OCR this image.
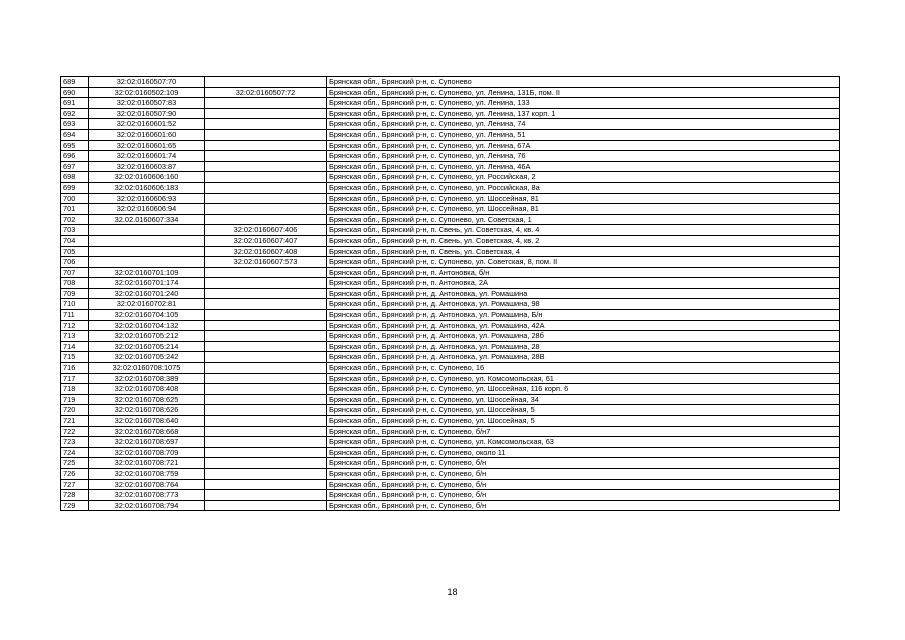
689	32:02:0160507:70		Брянская обл., Брянский р-н, с. Супонево
690	32:02:0160502:109	32:02:0160507:72	Брянская обл., Брянский р-н, с. Супонево, ул. Ленина, 131Б, пом. II
691	32:02:0160507:83		Брянская обл., Брянский р-н, с. Супонево, ул. Ленина, 133
692	32:02:0160507:90		Брянская обл., Брянский р-н, с. Супонево, ул. Ленина, 137 корп. 1
693	32:02:0160601:52		Брянская обл., Брянский р-н, с. Супонево, ул. Ленина, 74
694	32:02:0160601:60		Брянская обл., Брянский р-н, с. Супонево, ул. Ленина, 51
695	32:02:0160601:65		Брянская обл., Брянский р-н, с. Супонево, ул. Ленина, 67А
696	32:02:0160601:74		Брянская обл., Брянский р-н, с. Супонево, ул. Ленина, 76
697	32:02:0160603:87		Брянская обл., Брянский р-н, с. Супонево, ул. Ленина, 46А
698	32:02:0160606:160		Брянская обл., Брянский р-н, с. Супонево, ул. Российская, 2
699	32:02:0160606:183		Брянская обл., Брянский р-н, с. Супонево, ул. Российская, 8а
700	32:02:0160606:93		Брянская обл., Брянский р-н, с. Супонево, ул. Шоссейная, 81
701	32:02:0160606:94		Брянская обл., Брянский р-н, с. Супонево, ул. Шоссейная, 81
702	32.02.0160607:334		Брянская обл., Брянский р-н, с. Супонево, ул. Советская, 1
703		32:02:0160607:406	Брянская обл., Брянский р-н, п. Свень, ул. Советская, 4, кв. 4
704		32:02:0160607:407	Брянская обл., Брянский р-н, п. Свень, ул. Советская, 4, кв. 2
705		32:02:0160607:408	Брянская обл., Брянский р-н, п. Свень, ул. Советская, 4
706		32:02:0160607:573	Брянская обл., Брянский р-н, с. Супонево, ул. Советская, 8, пом. II
707	32:02:0160701:109		Брянская обл., Брянский р-н, п. Антоновка, б/н
708	32:02:0160701:174		Брянская обл., Брянский р-н, п. Антоновка, 2А
709	32:02:0160701:240		Брянская обл., Брянский р-н, д. Антоновка, ул. Ромашина
710	32:02:0160702:81		Брянская обл., Брянский р-н, д. Антоновка, ул. Ромашина, 98
711	32:02:0160704:105		Брянская обл., Брянский р-н, д. Антоновка, ул. Ромашина, Б/н
712	32:02:0160704:132		Брянская обл., Брянский р-н, д. Антоновка, ул. Ромашина, 42А
713	32:02:0160705:212		Брянская обл., Брянский р-н, д. Антоновка, ул. Ромашина, 28б
714	32:02:0160705:214		Брянская обл., Брянский р-н, д. Антоновка, ул. Ромашина, 28
715	32:02:0160705:242		Брянская обл., Брянский р-н, д. Антоновка, ул. Ромашина, 28В
716	32:02:0160708:1075		Брянская обл., Брянский р-н, с. Супонево, 16
717	32:02:0160708:389		Брянская обл., Брянский р-н, с. Супонево, ул. Комсомольская, 61
718	32:02:0160708:408		Брянская обл., Брянский р-н, с. Супонево, ул. Шоссейная, 116 корп. 6
719	32:02:0160708:625		Брянская обл., Брянский р-н, с. Супонево, ул. Шоссейная, 34
720	32:02:0160708:626		Брянская обл., Брянский р-н, с. Супонево, ул. Шоссейная, 5
721	32:02:0160708:640		Брянская обл., Брянский р-н, с. Супонево, ул. Шоссейная, 5
722	32:02:0160708:668		Брянская обл., Брянский р-н, с. Супонево, б/н7
723	32:02:0160708:697		Брянская обл., Брянский р-н, с. Супонево, ул. Комсомольская, 63
724	32:02:0160708:709		Брянская обл., Брянский р-н, с. Супонево, около 11
725	32:02:0160708:721		Брянская обл., Брянский р-н, с. Супонево, б/н
726	32:02:0160708:759		Брянская обл., Брянский р-н, с. Супонево, б/н
727	32:02:0160708:764		Брянская обл., Брянский р-н, с. Супонево, б/н
728	32:02:0160708:773		Брянская обл., Брянский р-н, с. Супонево, б/н
729	32:02:0160708:794		Брянская обл., Брянский р-н, с. Супонево, б/н
18
